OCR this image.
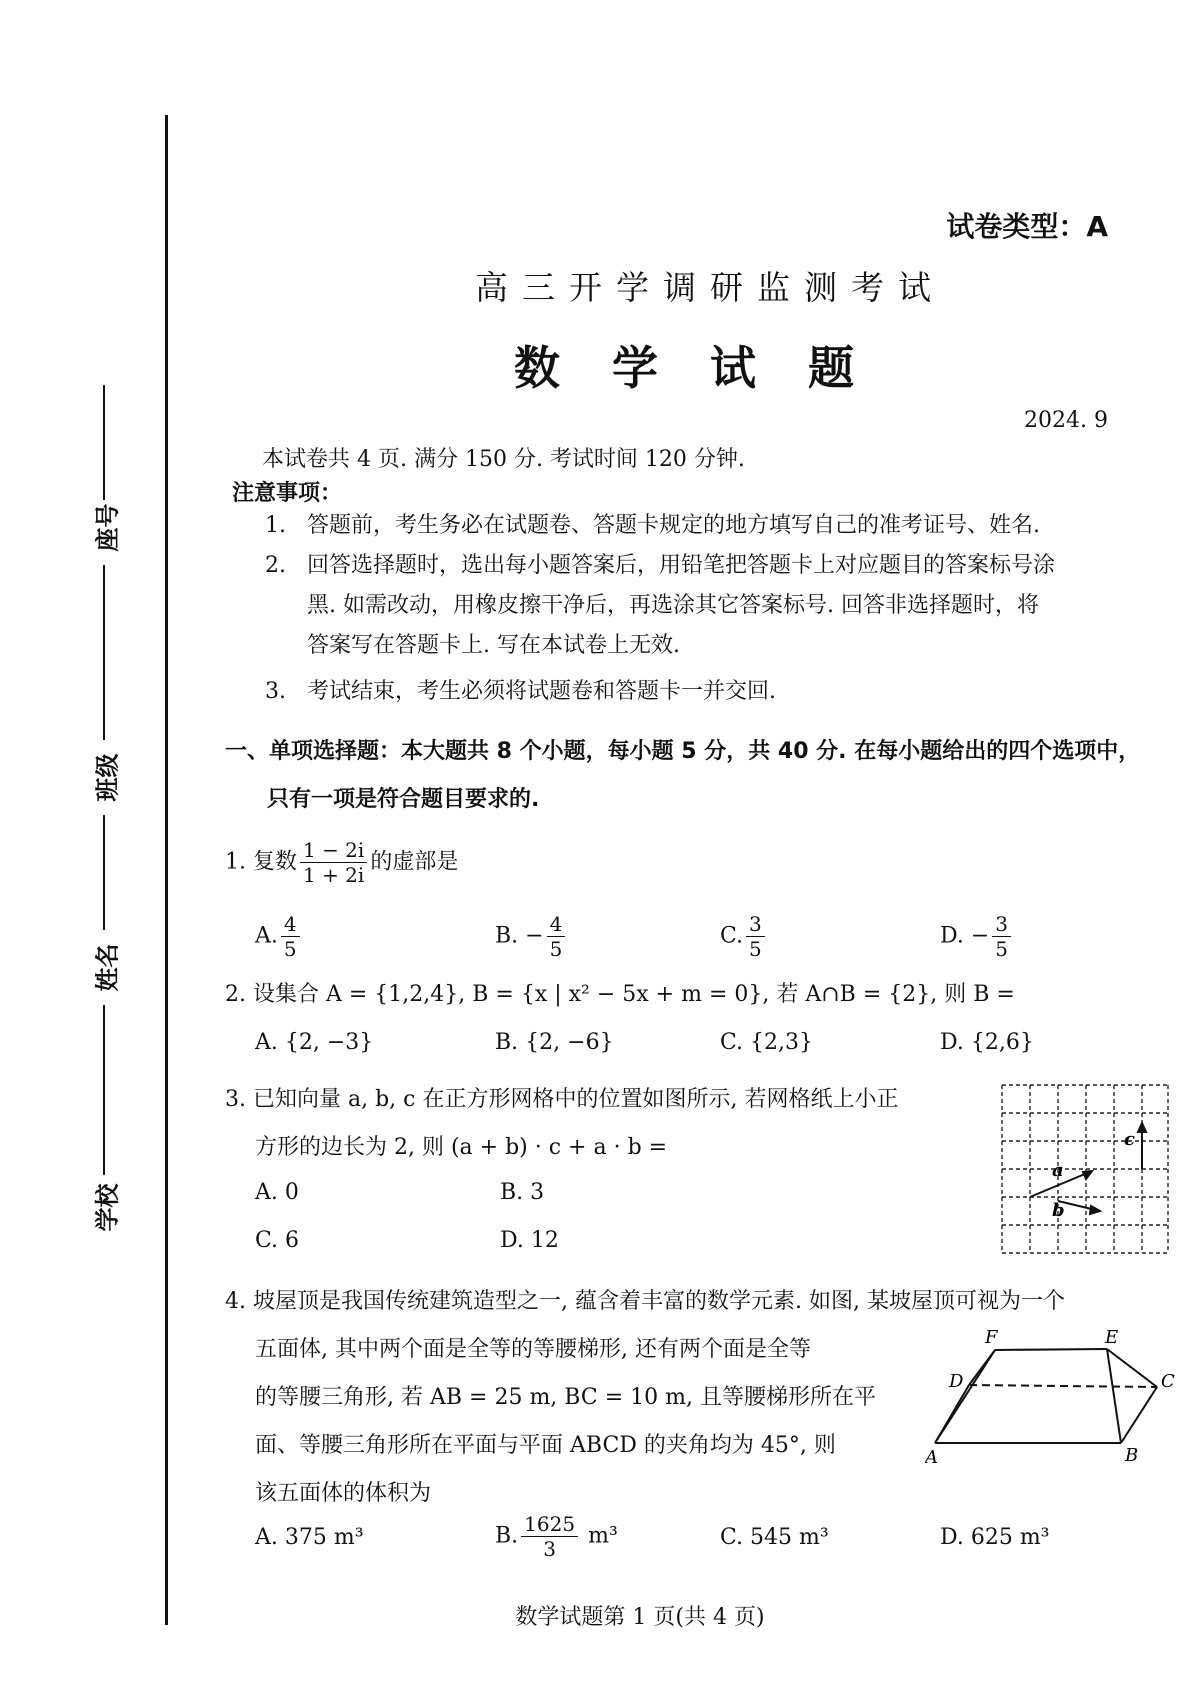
座号
班级
姓名
学校
试卷类型：A
高三开学调研监测考试
数学试题
2024. 9
本试卷共 4 页. 满分 150 分. 考试时间 120 分钟.
注意事项：
1. 答题前，考生务必在试题卷、答题卡规定的地方填写自己的准考证号、姓名.
2. 回答选择题时，选出每小题答案后，用铅笔把答题卡上对应题目的答案标号涂
黑. 如需改动，用橡皮擦干净后，再选涂其它答案标号. 回答非选择题时，将
答案写在答题卡上. 写在本试卷上无效.
3. 考试结束，考生必须将试题卷和答题卡一并交回.
一、单项选择题：本大题共 8 个小题，每小题 5 分，共 40 分. 在每小题给出的四个选项中，
只有一项是符合题目要求的.
1. 复数 $\frac{1 - 2i}{1 + 2i}$ 的虚部是
A. $\frac{4}{5}$	B. − $\frac{4}{5}$	C. $\frac{3}{5}$	D. − $\frac{3}{5}$
2. 设集合 A = {1,2,4}, B = {x | x² − 5x + m = 0}, 若 A∩B = {2}, 则 B =
A. {2, −3}	B. {2, −6}	C. {2,3}	D. {2,6}
3. 已知向量 a, b, c 在正方形网格中的位置如图所示, 若网格纸上小正
方形的边长为 2, 则 (a + b) · c + a · b =
A. 0	B. 3
C. 6	D. 12
a
b
c
4. 坡屋顶是我国传统建筑造型之一, 蕴含着丰富的数学元素. 如图, 某坡屋顶可视为一个
五面体, 其中两个面是全等的等腰梯形, 还有两个面是全等
的等腰三角形, 若 AB = 25 m, BC = 10 m, 且等腰梯形所在平
面、等腰三角形所在平面与平面 ABCD 的夹角均为 45°, 则
该五面体的体积为
A	B
C
D
E
F
A. 375 m³	B. $\frac{1625}{3} m^3$	C. 545 m³	D. 625 m³
数学试题第 1 页(共 4 页)
